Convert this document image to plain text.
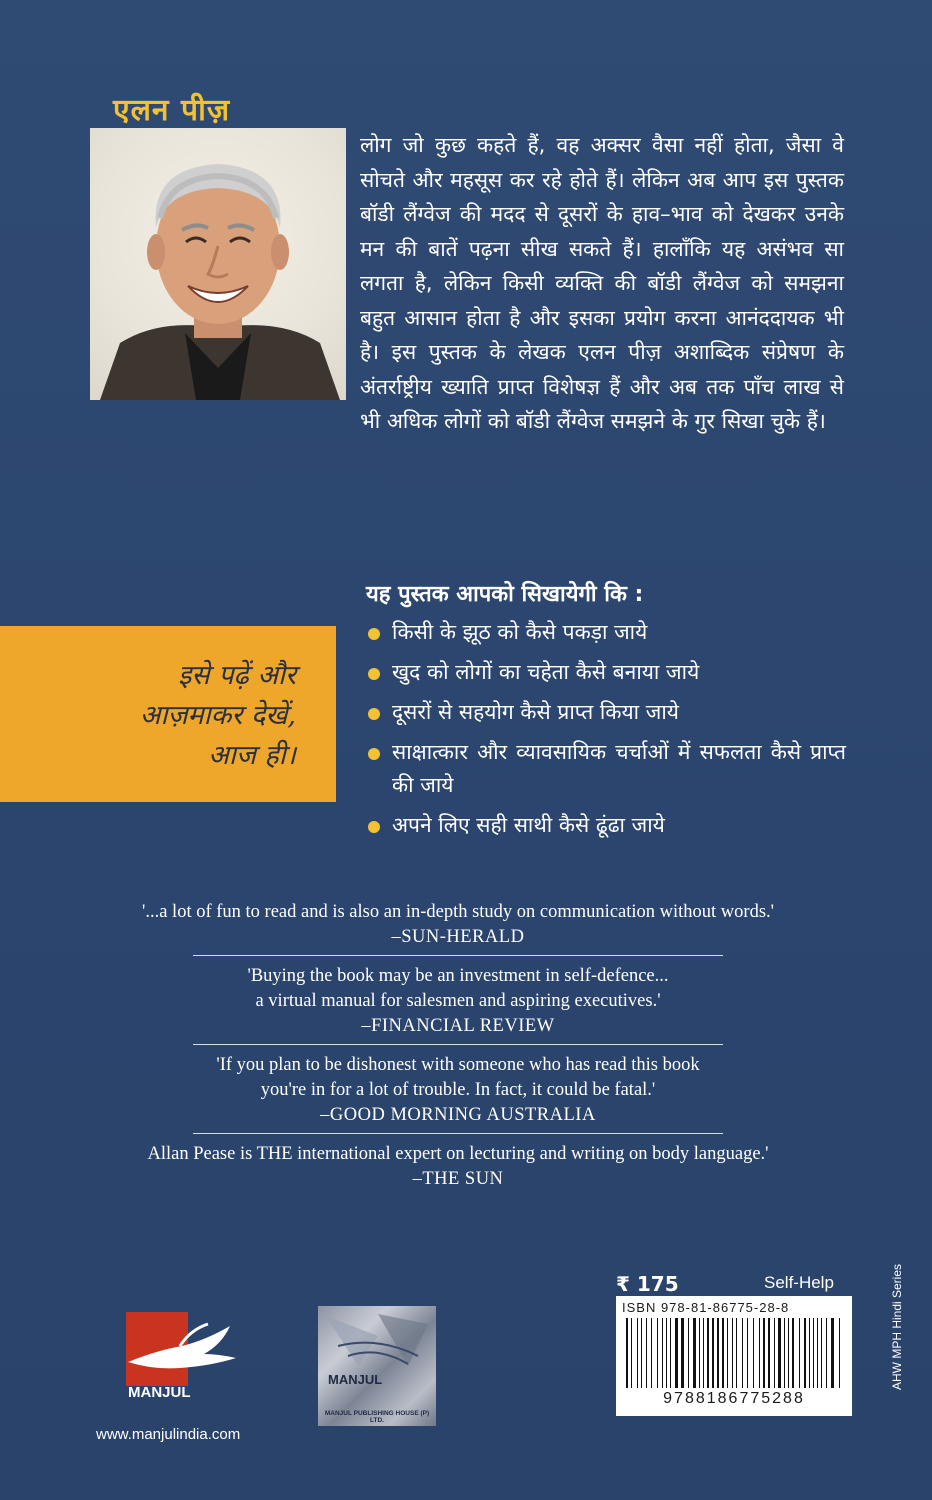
एलन पीज़
लोग जो कुछ कहते हैं, वह अक्सर वैसा नहीं होता, जैसा वे सोचते और महसूस कर रहे होते हैं। लेकिन अब आप इस पुस्तक बॉडी लैंग्वेज की मदद से दूसरों के हाव–भाव को देखकर उनके मन की बातें पढ़ना सीख सकते हैं। हालाँकि यह असंभव सा लगता है, लेकिन किसी व्यक्ति की बॉडी लैंग्वेज को समझना बहुत आसान होता है और इसका प्रयोग करना आनंददायक भी है। इस पुस्तक के लेखक एलन पीज़ अशाब्दिक संप्रेषण के अंतर्राष्ट्रीय ख्याति प्राप्त विशेषज्ञ हैं और अब तक पाँच लाख से भी अधिक लोगों को बॉडी लैंग्वेज समझने के गुर सिखा चुके हैं।
यह पुस्तक आपको सिखायेगी कि :
किसी के झूठ को कैसे पकड़ा जाये
खुद को लोगों का चहेता कैसे बनाया जाये
दूसरों से सहयोग कैसे प्राप्त किया जाये
साक्षात्कार और व्यावसायिक चर्चाओं में सफलता कैसे प्राप्त की जाये
अपने लिए सही साथी कैसे ढूंढा जाये
इसे पढ़ें और
आज़माकर देखें,
आज ही।

'...a lot of fun to read and is also an in-depth study on communication without words.'

–SUN-HERALD

'Buying the book may be an investment in self-defence...
a virtual manual for salesmen and aspiring executives.'

–FINANCIAL REVIEW

'If you plan to be dishonest with someone who has read this book
you're in for a lot of trouble. In fact, it could be fatal.'

–GOOD MORNING AUSTRALIA

Allan Pease is THE international expert on lecturing and writing on body language.'

–THE SUN

₹ 175	Self-Help
ISBN 978-81-86775-28-8
9788186775288
AHW MPH Hindi Series
MANJUL
www.manjulindia.com
MANJUL
MANJUL PUBLISHING HOUSE (P) LTD.
